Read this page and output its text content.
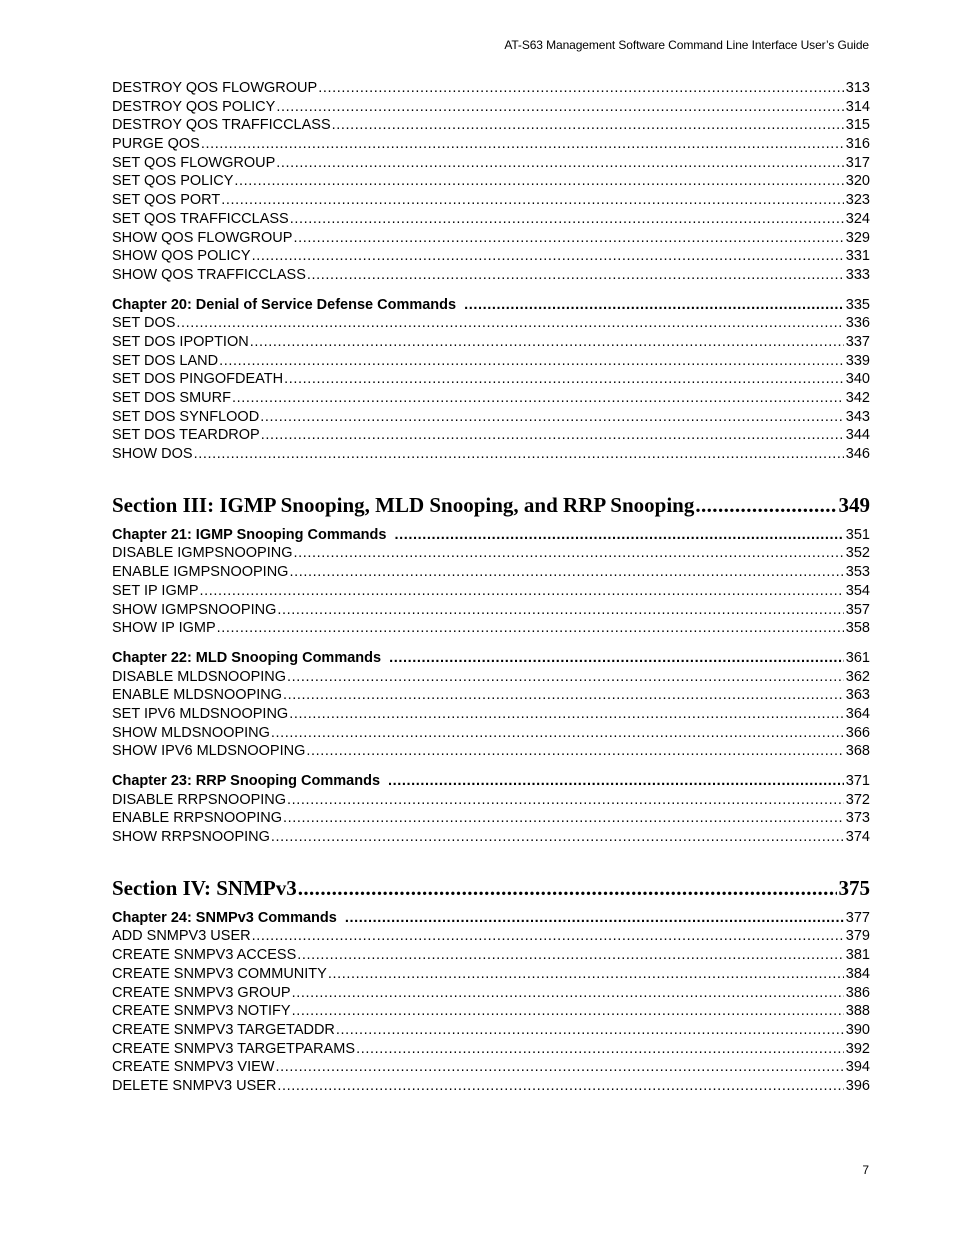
AT-S63 Management Software Command Line Interface User’s Guide
DESTROY QOS FLOWGROUP .....	313
DESTROY QOS POLICY .....	314
DESTROY QOS TRAFFICCLASS .....	315
PURGE QOS .....	316
SET QOS FLOWGROUP .....	317
SET QOS POLICY .....	320
SET QOS PORT .....	323
SET QOS TRAFFICCLASS .....	324
SHOW QOS FLOWGROUP .....	329
SHOW QOS POLICY .....	331
SHOW QOS TRAFFICCLASS .....	333
Chapter 20: Denial of Service Defense Commands .....	335
SET DOS .....	336
SET DOS IPOPTION .....	337
SET DOS LAND .....	339
SET DOS PINGOFDEATH .....	340
SET DOS SMURF .....	342
SET DOS SYNFLOOD .....	343
SET DOS TEARDROP .....	344
SHOW DOS .....	346
Section III: IGMP Snooping, MLD Snooping, and RRP Snooping .....	349
Chapter 21: IGMP Snooping Commands .....	351
DISABLE IGMPSNOOPING .....	352
ENABLE IGMPSNOOPING .....	353
SET IP IGMP .....	354
SHOW IGMPSNOOPING .....	357
SHOW IP IGMP .....	358
Chapter 22: MLD Snooping Commands .....	361
DISABLE MLDSNOOPING .....	362
ENABLE MLDSNOOPING .....	363
SET IPV6 MLDSNOOPING .....	364
SHOW MLDSNOOPING .....	366
SHOW IPV6 MLDSNOOPING .....	368
Chapter 23: RRP Snooping Commands .....	371
DISABLE RRPSNOOPING .....	372
ENABLE RRPSNOOPING .....	373
SHOW RRPSNOOPING .....	374
Section IV: SNMPv3 .....	375
Chapter 24: SNMPv3 Commands .....	377
ADD SNMPV3 USER .....	379
CREATE SNMPV3 ACCESS .....	381
CREATE SNMPV3 COMMUNITY .....	384
CREATE SNMPV3 GROUP .....	386
CREATE SNMPV3 NOTIFY .....	388
CREATE SNMPV3 TARGETADDR .....	390
CREATE SNMPV3 TARGETPARAMS .....	392
CREATE SNMPV3 VIEW .....	394
DELETE SNMPV3 USER .....	396
7
